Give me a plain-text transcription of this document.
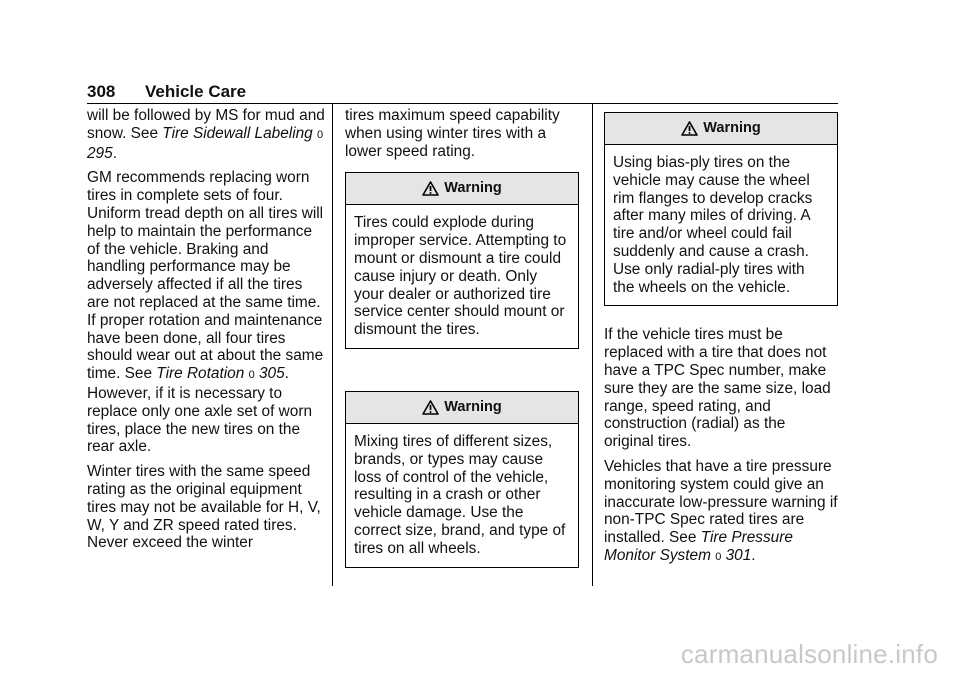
308 Vehicle Care

will be followed by MS for mud and snow. See Tire Sidewall Labeling 0 295.

GM recommends replacing worn tires in complete sets of four. Uniform tread depth on all tires will help to maintain the performance of the vehicle. Braking and handling performance may be adversely affected if all the tires are not replaced at the same time.

If proper rotation and maintenance have been done, all four tires should wear out at about the same time. See Tire Rotation 0 305. However, if it is necessary to replace only one axle set of worn tires, place the new tires on the rear axle.

Winter tires with the same speed rating as the original equipment tires may not be available for H, V, W, Y and ZR speed rated tires. Never exceed the winter

tires maximum speed capability when using winter tires with a lower speed rating.

Warning
Tires could explode during improper service. Attempting to mount or dismount a tire could cause injury or death. Only your dealer or authorized tire service center should mount or dismount the tires.
Warning
Mixing tires of different sizes, brands, or types may cause loss of control of the vehicle, resulting in a crash or other vehicle damage. Use the correct size, brand, and type of tires on all wheels.
Warning
Using bias-ply tires on the vehicle may cause the wheel rim flanges to develop cracks after many miles of driving. A tire and/or wheel could fail suddenly and cause a crash. Use only radial-ply tires with the wheels on the vehicle.

If the vehicle tires must be replaced with a tire that does not have a TPC Spec number, make sure they are the same size, load range, speed rating, and construction (radial) as the original tires.

Vehicles that have a tire pressure monitoring system could give an inaccurate low-pressure warning if non-TPC Spec rated tires are installed. See Tire Pressure Monitor System 0 301.

carmanualsonline.info
